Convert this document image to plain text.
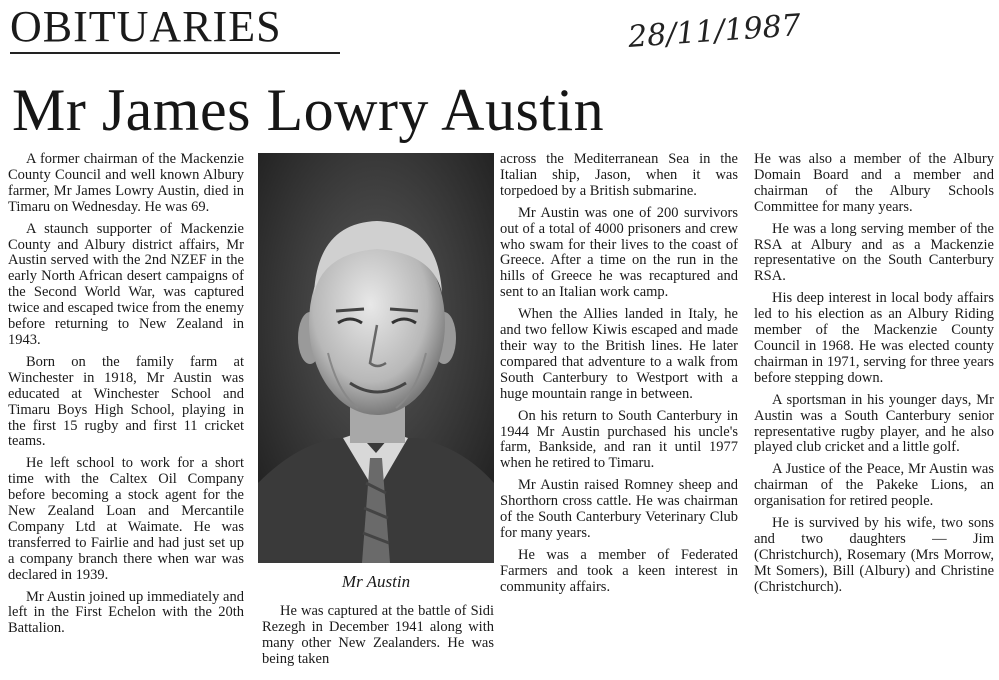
OBITUARIES	28/11/1987
Mr James Lowry Austin

A former chairman of the Mackenzie County Council and well known Albury farmer, Mr James Lowry Austin, died in Timaru on Wednesday. He was 69.

A staunch supporter of Mackenzie County and Albury district affairs, Mr Austin served with the 2nd NZEF in the early North African desert campaigns of the Second World War, was captured twice and escaped twice from the enemy before returning to New Zealand in 1943.

Born on the family farm at Winchester in 1918, Mr Austin was educated at Winchester School and Timaru Boys High School, playing in the first 15 rugby and first 11 cricket teams.

He left school to work for a short time with the Caltex Oil Company before becoming a stock agent for the New Zealand Loan and Mercantile Company Ltd at Waimate. He was transferred to Fairlie and had just set up a company branch there when war was declared in 1939.

Mr Austin joined up immediately and left in the First Echelon with the 20th Battalion.

Mr Austin

He was captured at the battle of Sidi Rezegh in December 1941 along with many other New Zealanders. He was being taken

across the Mediterranean Sea in the Italian ship, Jason, when it was torpedoed by a British submarine.

Mr Austin was one of 200 survivors out of a total of 4000 prisoners and crew who swam for their lives to the coast of Greece. After a time on the run in the hills of Greece he was recaptured and sent to an Italian work camp.

When the Allies landed in Italy, he and two fellow Kiwis escaped and made their way to the British lines. He later compared that adventure to a walk from South Canterbury to Westport with a huge mountain range in between.

On his return to South Canterbury in 1944 Mr Austin purchased his uncle's farm, Bankside, and ran it until 1977 when he retired to Timaru.

Mr Austin raised Romney sheep and Shorthorn cross cattle. He was chairman of the South Canterbury Veterinary Club for many years.

He was a member of Federated Farmers and took a keen interest in community affairs.

He was also a member of the Albury Domain Board and a member and chairman of the Albury Schools Committee for many years.

He was a long serving member of the RSA at Albury and as a Mackenzie representative on the South Canterbury RSA.

His deep interest in local body affairs led to his election as an Albury Riding member of the Mackenzie County Council in 1968. He was elected county chairman in 1971, serving for three years before stepping down.

A sportsman in his younger days, Mr Austin was a South Canterbury senior representative rugby player, and he also played club cricket and a little golf.

A Justice of the Peace, Mr Austin was chairman of the Pakeke Lions, an organisation for retired people.

He is survived by his wife, two sons and two daughters — Jim (Christchurch), Rosemary (Mrs Morrow, Mt Somers), Bill (Albury) and Christine (Christchurch).
